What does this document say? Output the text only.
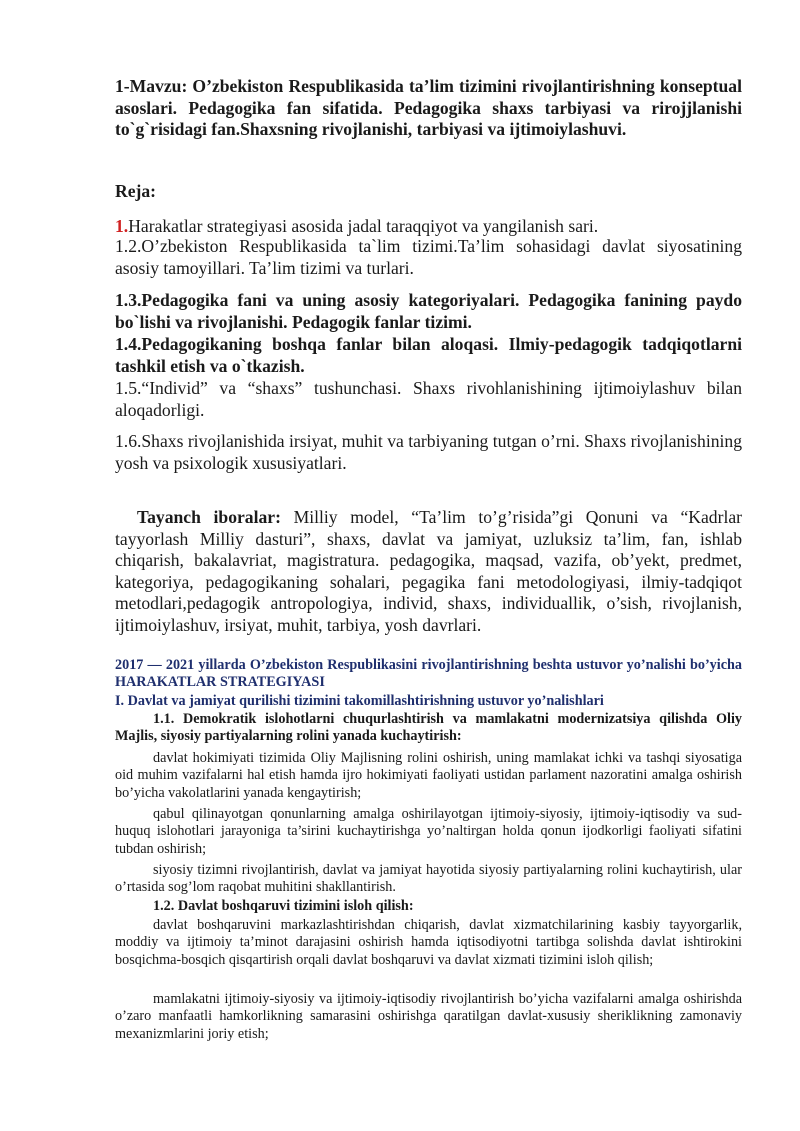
1-Mavzu: O’zbekiston Respublikasida ta’lim tizimini rivojlantirishning konseptual asoslari. Pedagogika fan sifatida. Pedagogika shaxs tarbiyasi va rirojjlanishi to`g`risidagi fan.Shaxsning rivojlanishi, tarbiyasi va ijtimoiylashuvi.

Reja:

1.Harakatlar strategiyasi asosida jadal taraqqiyot va yangilanish sari.

1.2.O’zbekiston Respublikasida ta`lim tizimi.Ta’lim sohasidagi davlat siyosatining asosiy tamoyillari. Ta’lim tizimi va turlari.

1.3.Pedagogika fani va uning asosiy kategoriyalari. Pedagogika fanining paydo bo`lishi va rivojlanishi. Pedagogik fanlar tizimi.

1.4.Pedagogikaning boshqa fanlar bilan aloqasi. Ilmiy-pedagogik tadqiqotlarni tashkil etish va o`tkazish.

1.5.“Individ” va “shaxs” tushunchasi. Shaxs rivohlanishining ijtimoiylashuv bilan aloqadorligi.

1.6.Shaxs rivojlanishida irsiyat, muhit va tarbiyaning tutgan o’rni. Shaxs rivojlanishining yosh va psixologik xususiyatlari.

Tayanch iboralar: Milliy model, “Ta’lim to’g’risida”gi Qonuni va “Kadrlar tayyorlash Milliy dasturi”, shaxs, davlat va jamiyat, uzluksiz ta’lim, fan, ishlab chiqarish, bakalavriat, magistratura. pedagogika, maqsad, vazifa, ob’yekt, predmet, kategoriya, pedagogikaning sohalari, pegagika fani metodologiyasi, ilmiy-tadqiqot metodlari,pedagogik antropologiya, individ, shaxs, individuallik, o’sish, rivojlanish, ijtimoiylashuv, irsiyat, muhit, tarbiya, yosh davrlari.

2017 — 2021 yillarda O’zbekiston Respublikasini rivojlantirishning beshta ustuvor yo’nalishi bo’yicha HARAKATLAR STRATEGIYASI

I. Davlat va jamiyat qurilishi tizimini takomillashtirishning ustuvor yo’nalishlari

1.1. Demokratik islohotlarni chuqurlashtirish va mamlakatni modernizatsiya qilishda Oliy Majlis, siyosiy partiyalarning rolini yanada kuchaytirish:

davlat hokimiyati tizimida Oliy Majlisning rolini oshirish, uning mamlakat ichki va tashqi siyosatiga oid muhim vazifalarni hal etish hamda ijro hokimiyati faoliyati ustidan parlament nazoratini amalga oshirish bo’yicha vakolatlarini yanada kengaytirish;

qabul qilinayotgan qonunlarning amalga oshirilayotgan ijtimoiy-siyosiy, ijtimoiy-iqtisodiy va sud-huquq islohotlari jarayoniga ta’sirini kuchaytirishga yo’naltirgan holda qonun ijodkorligi faoliyati sifatini tubdan oshirish;

siyosiy tizimni rivojlantirish, davlat va jamiyat hayotida siyosiy partiyalarning rolini kuchaytirish, ular o’rtasida sog’lom raqobat muhitini shakllantirish.

1.2. Davlat boshqaruvi tizimini isloh qilish:

davlat boshqaruvini markazlashtirishdan chiqarish, davlat xizmatchilarining kasbiy tayyorgarlik, moddiy va ijtimoiy ta’minot darajasini oshirish hamda iqtisodiyotni tartibga solishda davlat ishtirokini bosqichma-bosqich qisqartirish orqali davlat boshqaruvi va davlat xizmati tizimini isloh qilish;

mamlakatni ijtimoiy-siyosiy va ijtimoiy-iqtisodiy rivojlantirish bo’yicha vazifalarni amalga oshirishda o’zaro manfaatli hamkorlikning samarasini oshirishga qaratilgan davlat-xususiy sheriklikning zamonaviy mexanizmlarini joriy etish;
